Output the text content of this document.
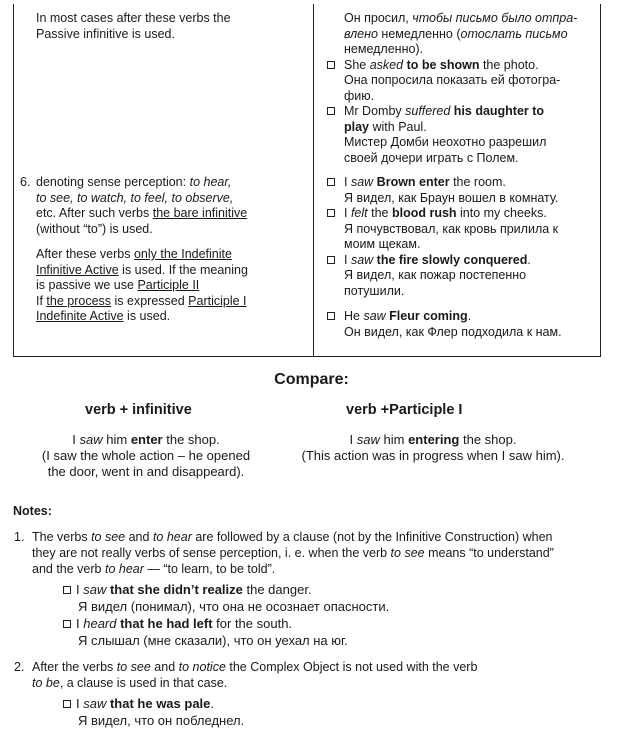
In most cases after these verbs the
Passive infinitive is used.
Он просил, чтобы письмо было отпра-
влено немедленно (отослать письмо
немедленно).
She asked to be shown the photo.
Она попросила показать ей фотогра-
фию.
Mr Domby suffered his daughter to
play with Paul.
Мистер Домби неохотно разрешил
своей дочери играть с Полем.
6. denoting sense perception: to hear,
to see, to watch, to feel, to observe,
etc. After such verbs the bare infinitive
(without “to”) is used.
After these verbs only the Indefinite
Infinitive Active is used. If the meaning
is passive we use Participle II
If the process is expressed Participle I
Indefinite Active is used.
I saw Brown enter the room.
Я видел, как Браун вошел в комнату.
I felt the blood rush into my cheeks.
Я почувствовал, как кровь прилила к
моим щекам.
I saw the fire slowly conquered.
Я видел, как пожар постепенно
потушили.
He saw Fleur coming.
Он видел, как Флер подходила к нам.
Compare:
verb + infinitive	verb +Participle I
I saw him enter the shop.
(I saw the whole action – he opened
the door, went in and disappeard).
I saw him entering the shop.
(This action was in progress when I saw him).
Notes:
1. The verbs to see and to hear are followed by a clause (not by the Infinitive Construction) when
they are not really verbs of sense perception, i. e. when the verb to see means “to understand”
and the verb to hear — “to learn, to be told”.
I saw that she didn’t realize the danger.
Я видел (понимал), что она не осознает опасности.
I heard that he had left for the south.
Я слышал (мне сказали), что он уехал на юг.
2. After the verbs to see and to notice the Complex Object is not used with the verb
to be, a clause is used in that case.
I saw that he was pale.
Я видел, что он побледнел.
